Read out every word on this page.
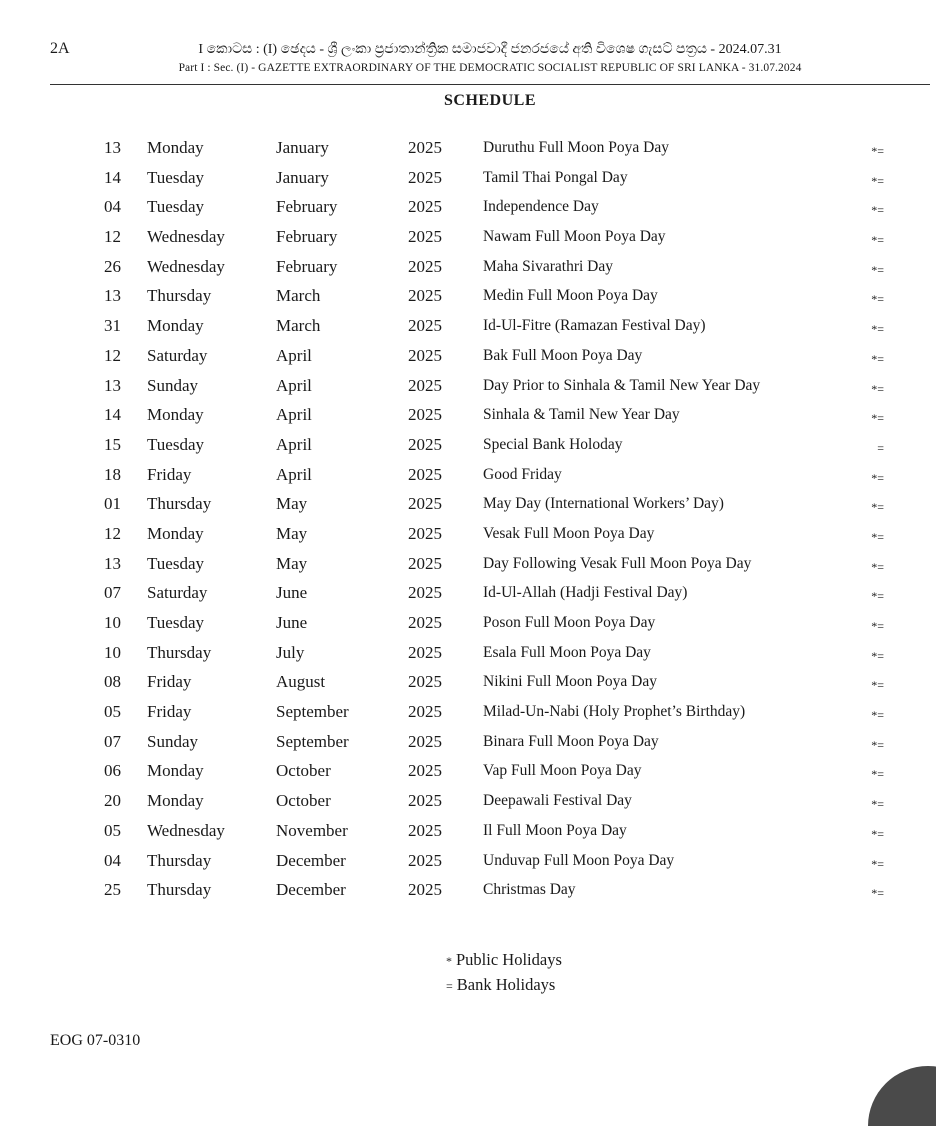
2A	I කොටස : (I) ඡෙදය - ශ්‍රී ලංකා ප්‍රජාතාන්ත්‍රික සමාජවාදී ජනරජයේ අති විශෙෂ ගැසට් පත්‍රය - 2024.07.31
Part I : Sec. (I) - GAZETTE EXTRAORDINARY OF THE DEMOCRATIC SOCIALIST REPUBLIC OF SRI LANKA - 31.07.2024
SCHEDULE
13 Monday	January	2025	Duruthu Full Moon Poya Day	*=
14 Tuesday	January	2025	Tamil Thai Pongal Day	*=
04 Tuesday	February	2025	Independence Day	*=
12 Wednesday	February	2025	Nawam Full Moon Poya Day	*=
26 Wednesday	February	2025	Maha Sivarathri Day	*=
13 Thursday	March	2025	Medin Full Moon Poya Day	*=
31 Monday	March	2025	Id-Ul-Fitre (Ramazan Festival Day)	*=
12 Saturday	April	2025	Bak Full Moon Poya Day	*=
13 Sunday	April	2025	Day Prior to Sinhala & Tamil New Year Day	*=
14 Monday	April	2025	Sinhala & Tamil New Year Day	*=
15 Tuesday	April	2025	Special Bank Holoday	=
18 Friday	April	2025	Good Friday	*=
01 Thursday	May	2025	May Day (International Workers’ Day)	*=
12 Monday	May	2025	Vesak Full Moon Poya Day	*=
13 Tuesday	May	2025	Day Following Vesak Full Moon Poya Day	*=
07 Saturday	June	2025	Id-Ul-Allah (Hadji Festival Day)	*=
10 Tuesday	June	2025	Poson Full Moon Poya Day	*=
10 Thursday	July	2025	Esala Full Moon Poya Day	*=
08 Friday	August	2025	Nikini Full Moon Poya Day	*=
05 Friday	September	2025	Milad-Un-Nabi (Holy Prophet’s Birthday)	*=
07 Sunday	September	2025	Binara Full Moon Poya Day	*=
06 Monday	October	2025	Vap Full Moon Poya Day	*=
20 Monday	October	2025	Deepawali Festival Day	*=
05 Wednesday	November	2025	Il Full Moon Poya Day	*=
04 Thursday	December	2025	Unduvap Full Moon Poya Day	*=
25 Thursday	December	2025	Christmas Day	*=
* Public Holidays
= Bank Holidays
EOG 07-0310
